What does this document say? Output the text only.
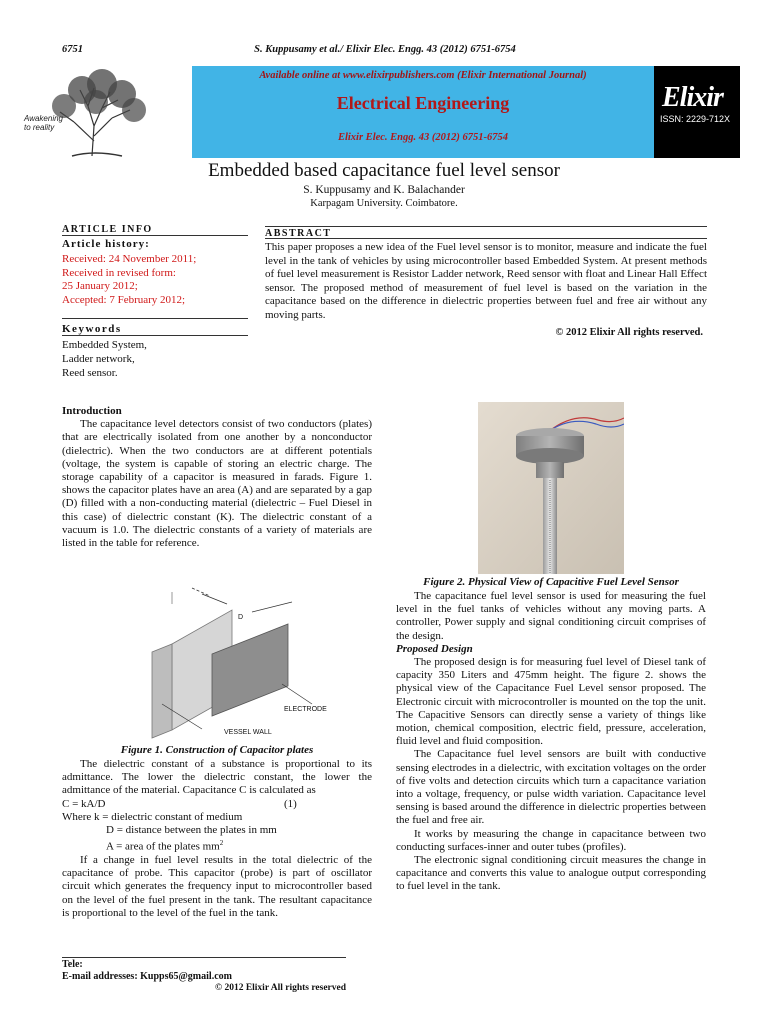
6751	S. Kuppusamy et al./ Elixir Elec. Engg. 43 (2012) 6751-6754
Awakening
to reality
Available online at www.elixirpublishers.com (Elixir International Journal)
Electrical Engineering
Elixir Elec. Engg. 43 (2012) 6751-6754
Elixir
ISSN: 2229-712X
Embedded based capacitance fuel level sensor
S. Kuppusamy and K. Balachander
Karpagam University. Coimbatore.
ARTICLE INFO
Article history:
Received: 24 November 2011;
Received in revised form:
25 January 2012;
Accepted: 7 February 2012;
Keywords
Embedded System,
Ladder network,
Reed sensor.
ABSTRACT
This paper proposes a new idea of the Fuel level sensor is to monitor, measure and indicate the fuel level in the tank of vehicles by using microcontroller based Embedded System. At present methods of fuel level measurement is Resistor Ladder network, Reed sensor with float and Linear Hall Effect sensor. The proposed method of measurement of fuel level is based on the variation in the capacitance based on the difference in dielectric properties between fuel and free air without any moving parts.
© 2012 Elixir All rights reserved.

Introduction

The capacitance level detectors consist of two conductors (plates) that are electrically isolated from one another by a nonconductor (dielectric). When the two conductors are at different potentials (voltage, the system is capable of storing an electric charge. The storage capability of a capacitor is measured in farads. Figure 1. shows the capacitor plates have an area (A) and are separated by a gap (D) filled with a non-conducting material (dielectric – Fuel Diesel in this case) of dielectric constant (K). The dielectric constant of a vacuum is 1.0. The dielectric constants of a variety of materials are listed in the table for reference.

D
ELECTRODE
VESSEL WALL
Figure 1. Construction of Capacitor plates

The dielectric constant of a substance is proportional to its admittance. The lower the dielectric constant, the lower the admittance of the material. Capacitance C is calculated as

C = kA/D	(1)
Where k = dielectric constant of medium
D = distance between the plates in mm
A = area of the plates $mm^2$

If a change in fuel level results in the total dielectric of the capacitance of probe. This capacitor (probe) is part of oscillator circuit which generates the frequency input to microcontroller based on the level of the fuel present in the tank. The resultant capacitance is proportional to the level of the fuel in the tank.

Figure 2. Physical View of Capacitive Fuel Level Sensor

The capacitance fuel level sensor is used for measuring the fuel level in the fuel tanks of vehicles without any moving parts. A controller, Power supply and signal conditioning circuit comprises of the design.

Proposed Design

The proposed design is for measuring fuel level of Diesel tank of capacity 350 Liters and 475mm height. The figure 2. shows the physical view of the Capacitance Fuel Level sensor proposed. The Electronic circuit with microcontroller is mounted on the top the unit. The Capacitive Sensors can directly sense a variety of things like motion, chemical composition, electric field, pressure, acceleration, fluid level and fluid composition.

The Capacitance fuel level sensors are built with conductive sensing electrodes in a dielectric, with excitation voltages on the order of five volts and detection circuits which turn a capacitance variation into a voltage, frequency, or pulse width variation. Capacitance level sensing is based around the difference in dielectric properties between the fuel and free air.

It works by measuring the change in capacitance between two conducting surfaces-inner and outer tubes (profiles).

The electronic signal conditioning circuit measures the change in capacitance and converts this value to analogue output corresponding to fuel level in the tank.

Tele:
E-mail addresses: Kupps65@gmail.com
© 2012 Elixir All rights reserved
